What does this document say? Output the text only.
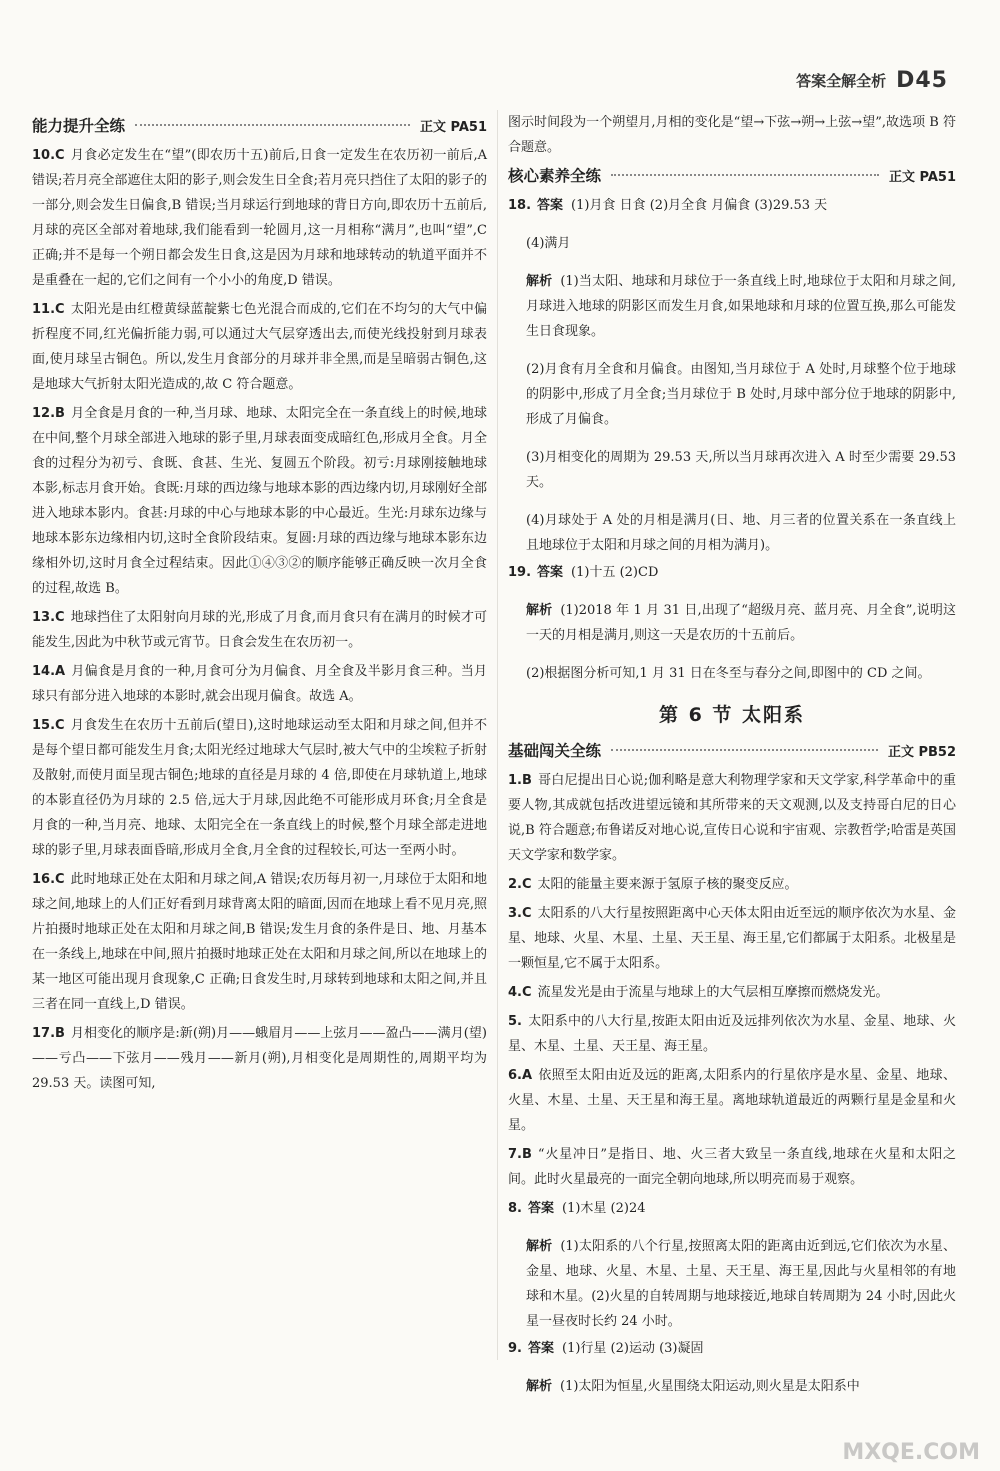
答案全解全析 D45
能力提升全练	正文 PA51

10.C 月食必定发生在“望”(即农历十五)前后,日食一定发生在农历初一前后,A 错误;若月亮全部遮住太阳的影子,则会发生日全食;若月亮只挡住了太阳的影子的一部分,则会发生日偏食,B 错误;当月球运行到地球的背日方向,即农历十五前后,月球的亮区全部对着地球,我们能看到一轮圆月,这一月相称“满月”,也叫“望”,C 正确;并不是每一个朔日都会发生日食,这是因为月球和地球转动的轨道平面并不是重叠在一起的,它们之间有一个小小的角度,D 错误。

11.C 太阳光是由红橙黄绿蓝靛紫七色光混合而成的,它们在不均匀的大气中偏折程度不同,红光偏折能力弱,可以通过大气层穿透出去,而使光线投射到月球表面,使月球呈古铜色。所以,发生月食部分的月球并非全黑,而是呈暗弱古铜色,这是地球大气折射太阳光造成的,故 C 符合题意。

12.B 月全食是月食的一种,当月球、地球、太阳完全在一条直线上的时候,地球在中间,整个月球全部进入地球的影子里,月球表面变成暗红色,形成月全食。月全食的过程分为初亏、食既、食甚、生光、复圆五个阶段。初亏:月球刚接触地球本影,标志月食开始。食既:月球的西边缘与地球本影的西边缘内切,月球刚好全部进入地球本影内。食甚:月球的中心与地球本影的中心最近。生光:月球东边缘与地球本影东边缘相内切,这时全食阶段结束。复圆:月球的西边缘与地球本影东边缘相外切,这时月食全过程结束。因此①④③②的顺序能够正确反映一次月全食的过程,故选 B。

13.C 地球挡住了太阳射向月球的光,形成了月食,而月食只有在满月的时候才可能发生,因此为中秋节或元宵节。日食会发生在农历初一。

14.A 月偏食是月食的一种,月食可分为月偏食、月全食及半影月食三种。当月球只有部分进入地球的本影时,就会出现月偏食。故选 A。

15.C 月食发生在农历十五前后(望日),这时地球运动至太阳和月球之间,但并不是每个望日都可能发生月食;太阳光经过地球大气层时,被大气中的尘埃粒子折射及散射,而使月面呈现古铜色;地球的直径是月球的 4 倍,即使在月球轨道上,地球的本影直径仍为月球的 2.5 倍,远大于月球,因此绝不可能形成月环食;月全食是月食的一种,当月亮、地球、太阳完全在一条直线上的时候,整个月球全部走进地球的影子里,月球表面昏暗,形成月全食,月全食的过程较长,可达一至两小时。

16.C 此时地球正处在太阳和月球之间,A 错误;农历每月初一,月球位于太阳和地球之间,地球上的人们正好看到月球背离太阳的暗面,因而在地球上看不见月亮,照片拍摄时地球正处在太阳和月球之间,B 错误;发生月食的条件是日、地、月基本在一条线上,地球在中间,照片拍摄时地球正处在太阳和月球之间,所以在地球上的某一地区可能出现月食现象,C 正确;日食发生时,月球转到地球和太阳之间,并且三者在同一直线上,D 错误。

17.B 月相变化的顺序是:新(朔)月——蛾眉月——上弦月——盈凸——满月(望)——亏凸——下弦月——残月——新月(朔),月相变化是周期性的,周期平均为 29.53 天。读图可知,

图示时间段为一个朔望月,月相的变化是“望→下弦→朔→上弦→望”,故选项 B 符合题意。

核心素养全练	正文 PA51

18. 答案 (1)月食 日食 (2)月全食 月偏食 (3)29.53 天

(4)满月

解析 (1)当太阳、地球和月球位于一条直线上时,地球位于太阳和月球之间,月球进入地球的阴影区而发生月食,如果地球和月球的位置互换,那么可能发生日食现象。

(2)月食有月全食和月偏食。由图知,当月球位于 A 处时,月球整个位于地球的阴影中,形成了月全食;当月球位于 B 处时,月球中部分位于地球的阴影中,形成了月偏食。

(3)月相变化的周期为 29.53 天,所以当月球再次进入 A 时至少需要 29.53 天。

(4)月球处于 A 处的月相是满月(日、地、月三者的位置关系在一条直线上且地球位于太阳和月球之间的月相为满月)。

19. 答案 (1)十五 (2)CD

解析 (1)2018 年 1 月 31 日,出现了“超级月亮、蓝月亮、月全食”,说明这一天的月相是满月,则这一天是农历的十五前后。

(2)根据图分析可知,1 月 31 日在冬至与春分之间,即图中的 CD 之间。

第 6 节 太阳系
基础闯关全练	正文 PB52

1.B 哥白尼提出日心说;伽利略是意大利物理学家和天文学家,科学革命中的重要人物,其成就包括改进望远镜和其所带来的天文观测,以及支持哥白尼的日心说,B 符合题意;布鲁诺反对地心说,宣传日心说和宇宙观、宗教哲学;哈雷是英国天文学家和数学家。

2.C 太阳的能量主要来源于氢原子核的聚变反应。

3.C 太阳系的八大行星按照距离中心天体太阳由近至远的顺序依次为水星、金星、地球、火星、木星、土星、天王星、海王星,它们都属于太阳系。北极星是一颗恒星,它不属于太阳系。

4.C 流星发光是由于流星与地球上的大气层相互摩擦而燃烧发光。

5. 太阳系中的八大行星,按距太阳由近及远排列依次为水星、金星、地球、火星、木星、土星、天王星、海王星。

6.A 依照至太阳由近及远的距离,太阳系内的行星依序是水星、金星、地球、火星、木星、土星、天王星和海王星。离地球轨道最近的两颗行星是金星和火星。

7.B “火星冲日”是指日、地、火三者大致呈一条直线,地球在火星和太阳之间。此时火星最亮的一面完全朝向地球,所以明亮而易于观察。

8. 答案 (1)木星 (2)24

解析 (1)太阳系的八个行星,按照离太阳的距离由近到远,它们依次为水星、金星、地球、火星、木星、土星、天王星、海王星,因此与火星相邻的有地球和木星。(2)火星的自转周期与地球接近,地球自转周期为 24 小时,因此火星一昼夜时长约 24 小时。

9. 答案 (1)行星 (2)运动 (3)凝固

解析 (1)太阳为恒星,火星围绕太阳运动,则火星是太阳系中

MXQE.COM
